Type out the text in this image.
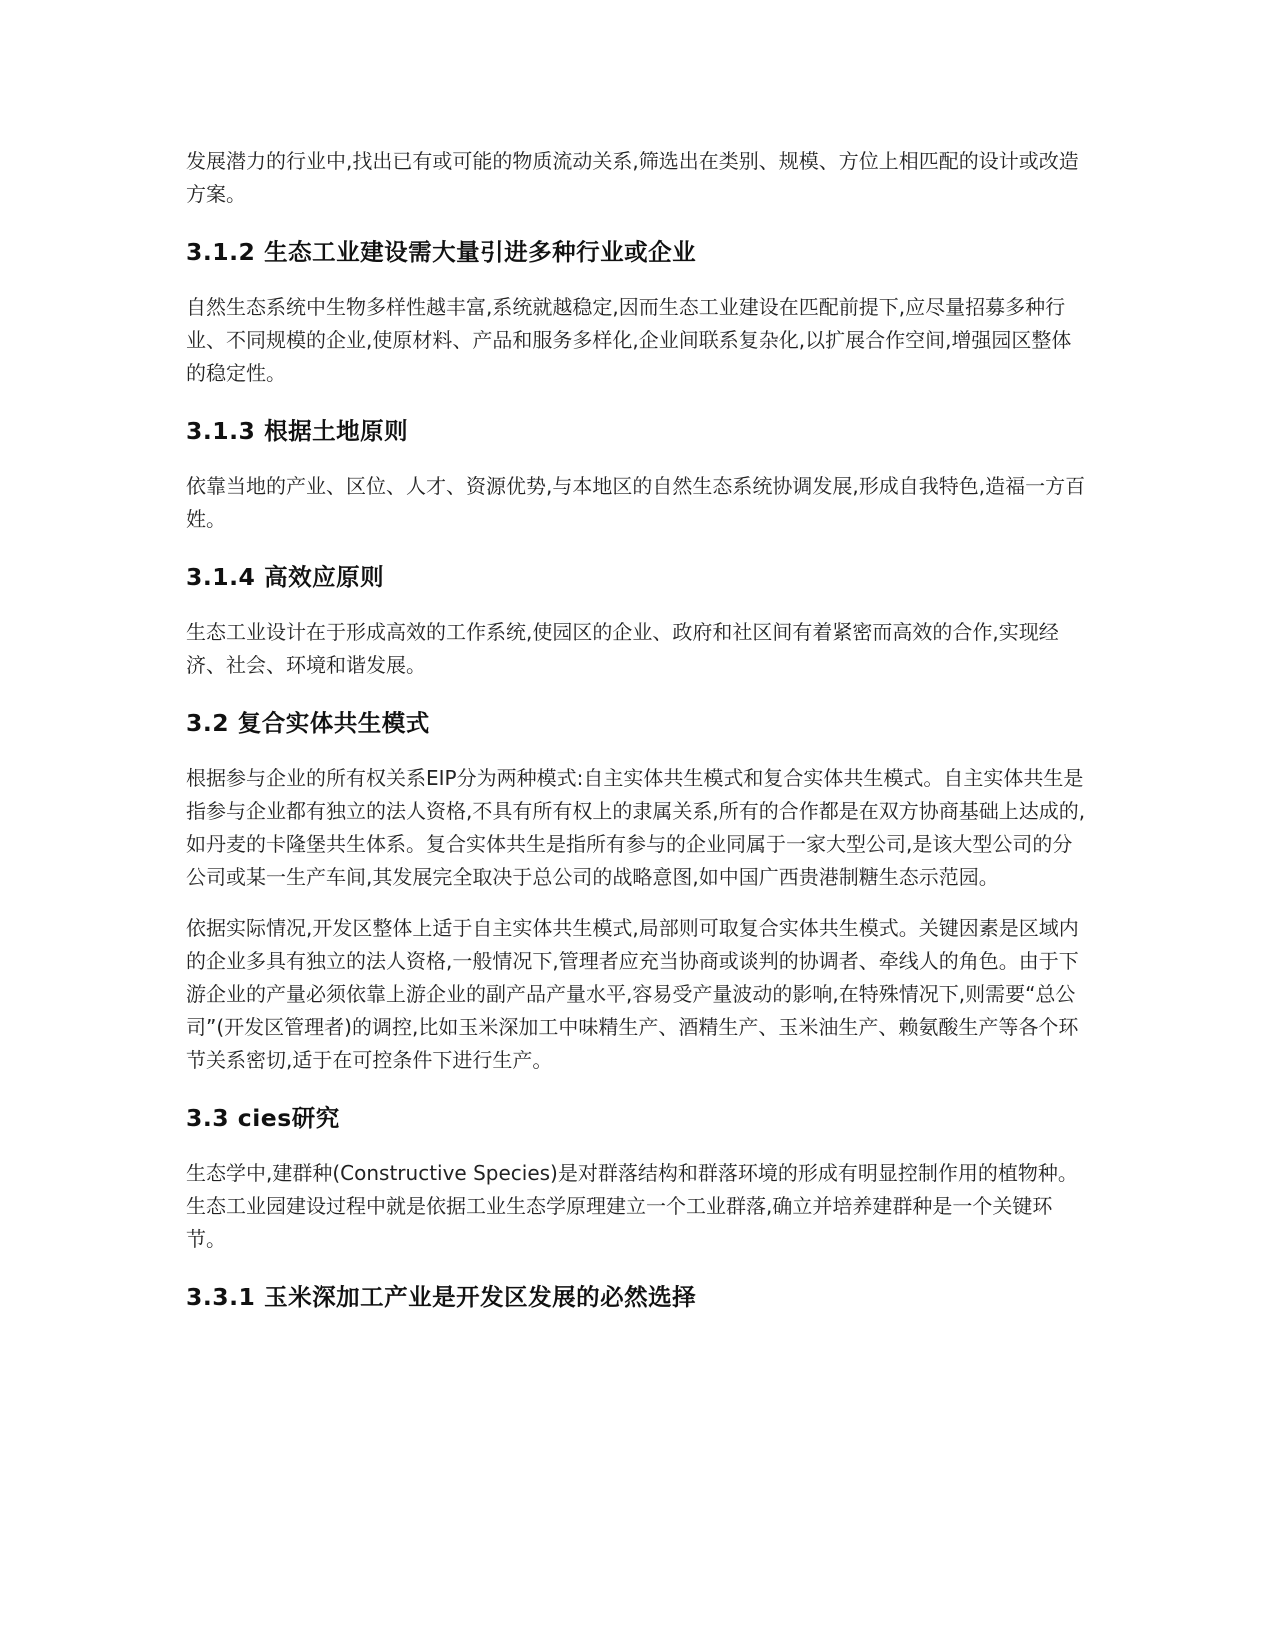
发展潜力的行业中,找出已有或可能的物质流动关系,筛选出在类别、规模、方位上相匹配的设计或改造方案。

3.1.2 生态工业建设需大量引进多种行业或企业

自然生态系统中生物多样性越丰富,系统就越稳定,因而生态工业建设在匹配前提下,应尽量招募多种行业、不同规模的企业,使原材料、产品和服务多样化,企业间联系复杂化,以扩展合作空间,增强园区整体的稳定性。

3.1.3 根据土地原则

依靠当地的产业、区位、人才、资源优势,与本地区的自然生态系统协调发展,形成自我特色,造福一方百姓。

3.1.4 高效应原则

生态工业设计在于形成高效的工作系统,使园区的企业、政府和社区间有着紧密而高效的合作,实现经济、社会、环境和谐发展。

3.2 复合实体共生模式

根据参与企业的所有权关系EIP分为两种模式:自主实体共生模式和复合实体共生模式。自主实体共生是指参与企业都有独立的法人资格,不具有所有权上的隶属关系,所有的合作都是在双方协商基础上达成的,如丹麦的卡隆堡共生体系。复合实体共生是指所有参与的企业同属于一家大型公司,是该大型公司的分公司或某一生产车间,其发展完全取决于总公司的战略意图,如中国广西贵港制糖生态示范园。

依据实际情况,开发区整体上适于自主实体共生模式,局部则可取复合实体共生模式。关键因素是区域内的企业多具有独立的法人资格,一般情况下,管理者应充当协商或谈判的协调者、牵线人的角色。由于下游企业的产量必须依靠上游企业的副产品产量水平,容易受产量波动的影响,在特殊情况下,则需要“总公司”(开发区管理者)的调控,比如玉米深加工中味精生产、酒精生产、玉米油生产、赖氨酸生产等各个环节关系密切,适于在可控条件下进行生产。

3.3 cies研究

生态学中,建群种(Constructive Species)是对群落结构和群落环境的形成有明显控制作用的植物种。生态工业园建设过程中就是依据工业生态学原理建立一个工业群落,确立并培养建群种是一个关键环节。

3.3.1 玉米深加工产业是开发区发展的必然选择
